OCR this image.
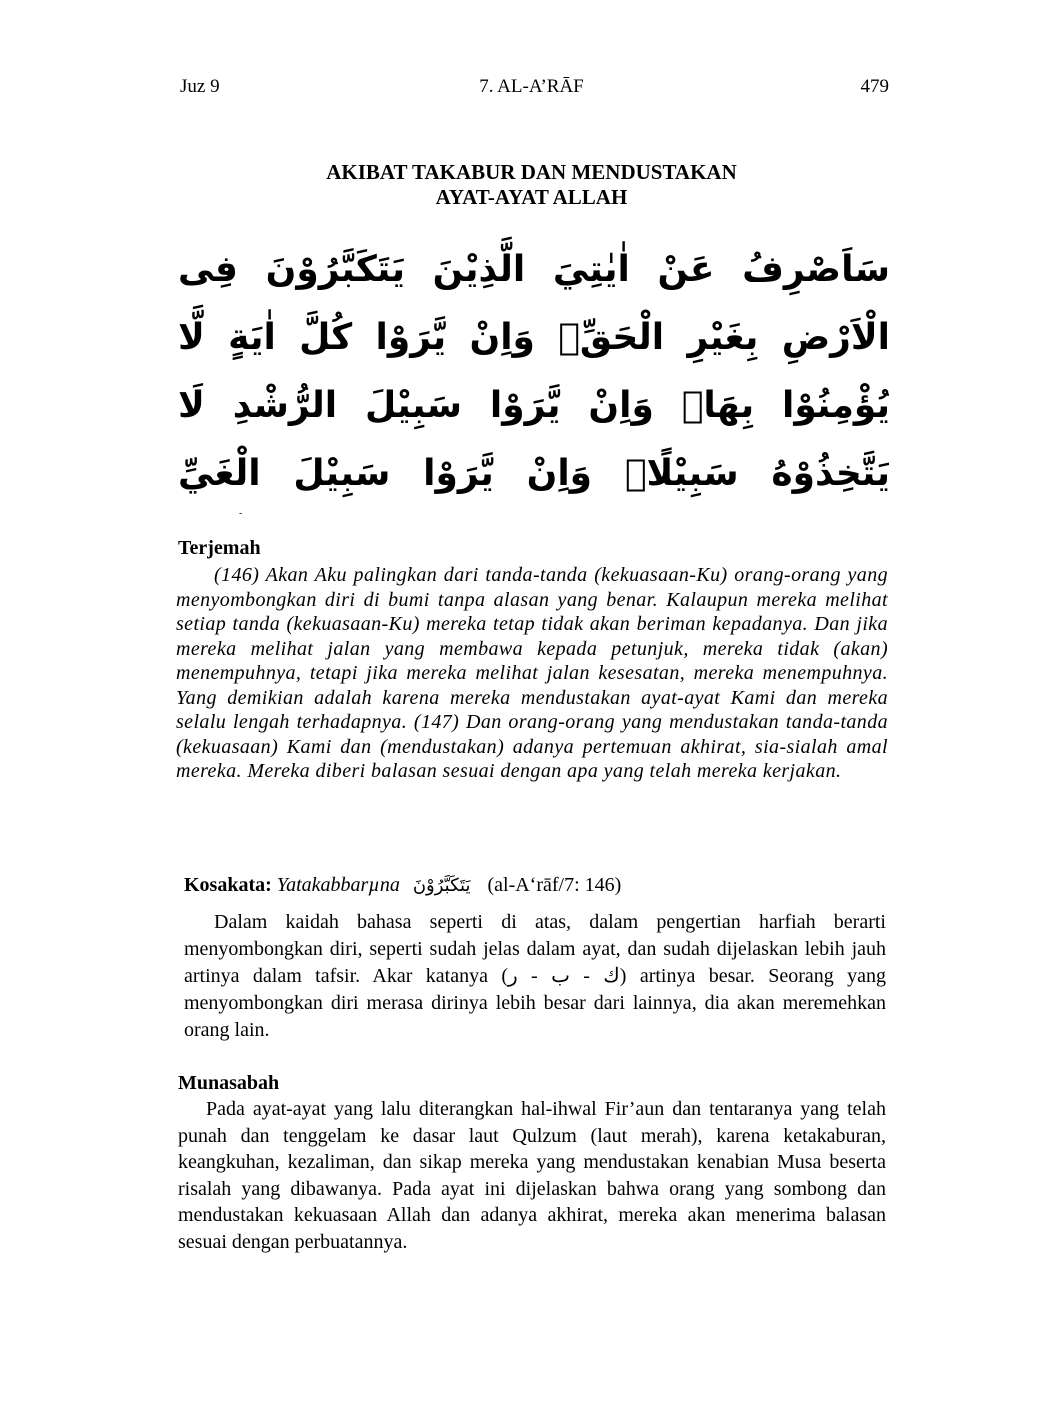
Juz 9	7. AL-A’RĀF	479
AKIBAT TAKABUR DAN MENDUSTAKAN
AYAT-AYAT ALLAH
سَاَصْرِفُ عَنْ اٰيٰتِيَ الَّذِيْنَ يَتَكَبَّرُوْنَ فِى الْاَرْضِ بِغَيْرِ الْحَقِّۗ وَاِنْ يَّرَوْا كُلَّ اٰيَةٍ لَّا يُؤْمِنُوْا بِهَاۚ وَاِنْ يَّرَوْا سَبِيْلَ الرُّشْدِ لَا يَتَّخِذُوْهُ سَبِيْلًاۚ وَاِنْ يَّرَوْا سَبِيْلَ الْغَيِّ
Terjemah
(146) Akan Aku palingkan dari tanda-tanda (kekuasaan-Ku) orang-orang yang menyombongkan diri di bumi tanpa alasan yang benar. Kalaupun mereka melihat setiap tanda (kekuasaan-Ku) mereka tetap tidak akan beriman kepadanya. Dan jika mereka melihat jalan yang membawa kepada petunjuk, mereka tidak (akan) menempuhnya, tetapi jika mereka melihat jalan kesesatan, mereka menempuhnya. Yang demikian adalah karena mereka mendustakan ayat-ayat Kami dan mereka selalu lengah terhadapnya. (147) Dan orang-orang yang mendustakan tanda-tanda (kekuasaan) Kami dan (mendustakan) adanya pertemuan akhirat, sia-sialah amal mereka. Mereka diberi balasan sesuai dengan apa yang telah mereka kerjakan.
Kosakata: Yatakabbarµna يَتَكَبَّرُوْنَ (al-A‘rāf/7: 146)
Dalam kaidah bahasa seperti di atas, dalam pengertian harfiah berarti menyombongkan diri, seperti sudah jelas dalam ayat, dan sudah dijelaskan lebih jauh artinya dalam tafsir. Akar katanya (ك - ب - ر) artinya besar. Seorang yang menyombongkan diri merasa dirinya lebih besar dari lainnya, dia akan meremehkan orang lain.
Munasabah
Pada ayat-ayat yang lalu diterangkan hal-ihwal Fir’aun dan tentaranya yang telah punah dan tenggelam ke dasar laut Qulzum (laut merah), karena ketakaburan, keangkuhan, kezaliman, dan sikap mereka yang mendustakan kenabian Musa beserta risalah yang dibawanya. Pada ayat ini dijelaskan bahwa orang yang sombong dan mendustakan kekuasaan Allah dan adanya akhirat, mereka akan menerima balasan sesuai dengan perbuatannya.
